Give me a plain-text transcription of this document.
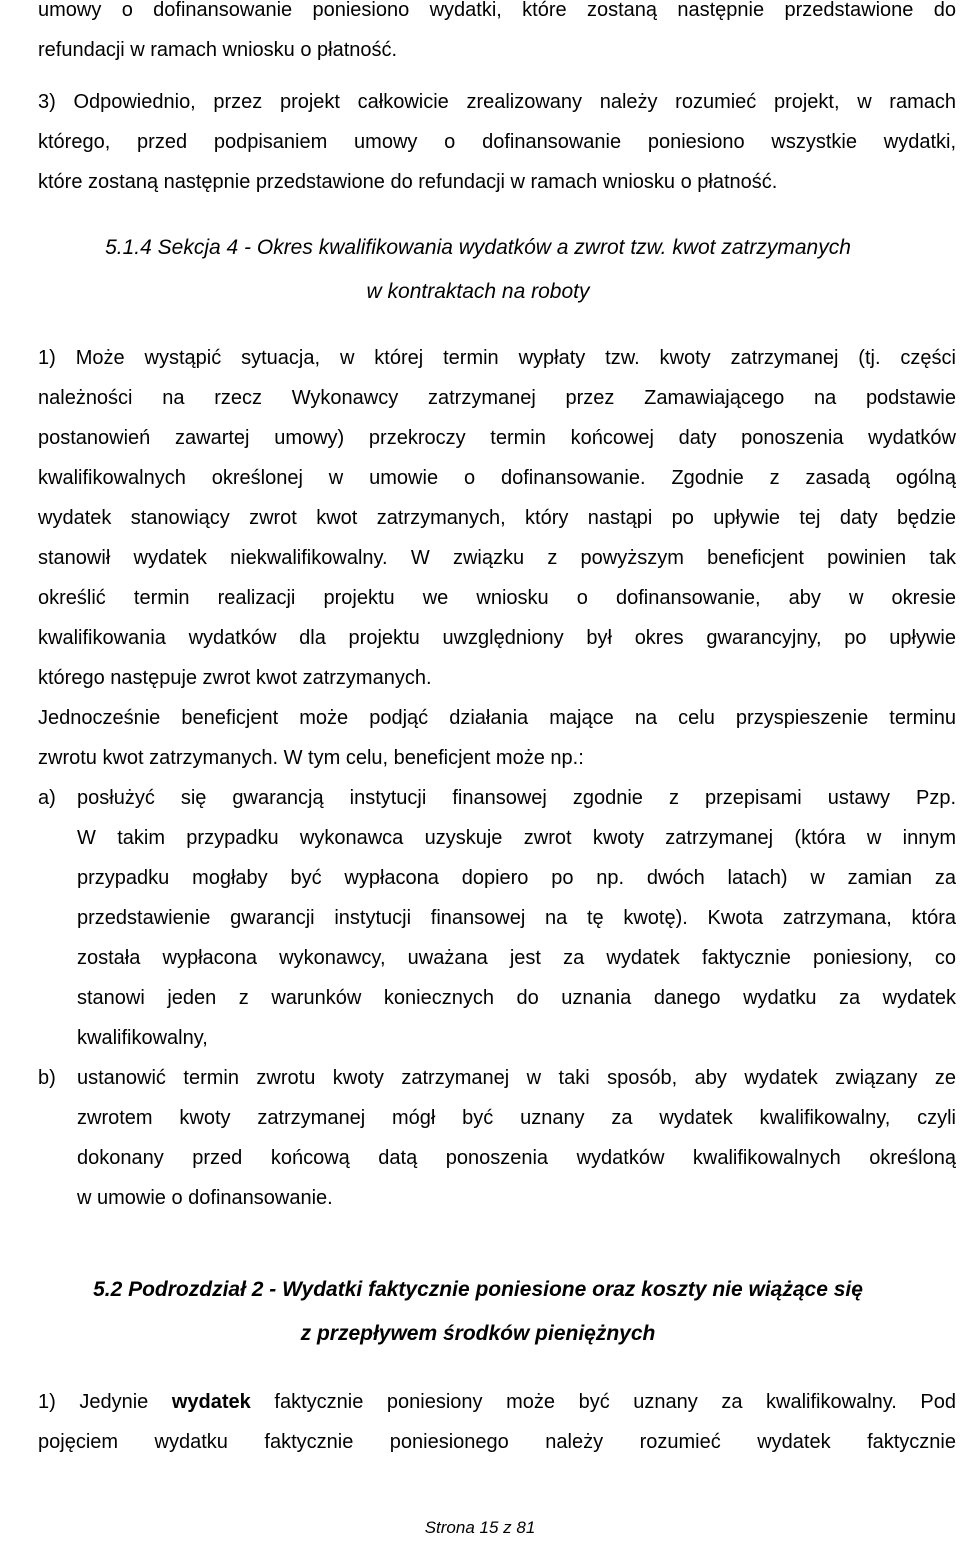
umowy o dofinansowanie poniesiono wydatki, które zostaną następnie przedstawione do
refundacji w ramach wniosku o płatność.
3) Odpowiednio, przez projekt całkowicie zrealizowany należy rozumieć projekt, w ramach
którego, przed podpisaniem umowy o dofinansowanie poniesiono wszystkie wydatki,
które zostaną następnie przedstawione do refundacji w ramach wniosku o płatność.
5.1.4 Sekcja 4 - Okres kwalifikowania wydatków a zwrot tzw. kwot zatrzymanych
w kontraktach na roboty
1) Może wystąpić sytuacja, w której termin wypłaty tzw. kwoty zatrzymanej (tj. części
należności na rzecz Wykonawcy zatrzymanej przez Zamawiającego na podstawie
postanowień zawartej umowy) przekroczy termin końcowej daty ponoszenia wydatków
kwalifikowalnych określonej w umowie o dofinansowanie. Zgodnie z zasadą ogólną
wydatek stanowiący zwrot kwot zatrzymanych, który nastąpi po upływie tej daty będzie
stanowił wydatek niekwalifikowalny. W związku z powyższym beneficjent powinien tak
określić termin realizacji projektu we wniosku o dofinansowanie, aby w okresie
kwalifikowania wydatków dla projektu uwzględniony był okres gwarancyjny, po upływie
którego następuje zwrot kwot zatrzymanych.
Jednocześnie beneficjent może podjąć działania mające na celu przyspieszenie terminu
zwrotu kwot zatrzymanych. W tym celu, beneficjent może np.:
a) posłużyć się gwarancją instytucji finansowej zgodnie z przepisami ustawy Pzp.
W takim przypadku wykonawca uzyskuje zwrot kwoty zatrzymanej (która w innym
przypadku mogłaby być wypłacona dopiero po np. dwóch latach) w zamian za
przedstawienie gwarancji instytucji finansowej na tę kwotę). Kwota zatrzymana, która
została wypłacona wykonawcy, uważana jest za wydatek faktycznie poniesiony, co
stanowi jeden z warunków koniecznych do uznania danego wydatku za wydatek
kwalifikowalny,
b) ustanowić termin zwrotu kwoty zatrzymanej w taki sposób, aby wydatek związany ze
zwrotem kwoty zatrzymanej mógł być uznany za wydatek kwalifikowalny, czyli
dokonany przed końcową datą ponoszenia wydatków kwalifikowalnych określoną
w umowie o dofinansowanie.
5.2 Podrozdział 2 - Wydatki faktycznie poniesione oraz koszty nie wiążące się
z przepływem środków pieniężnych
1) Jedynie wydatek faktycznie poniesiony może być uznany za kwalifikowalny. Pod
pojęciem wydatku faktycznie poniesionego należy rozumieć wydatek faktycznie
Strona 15 z 81
